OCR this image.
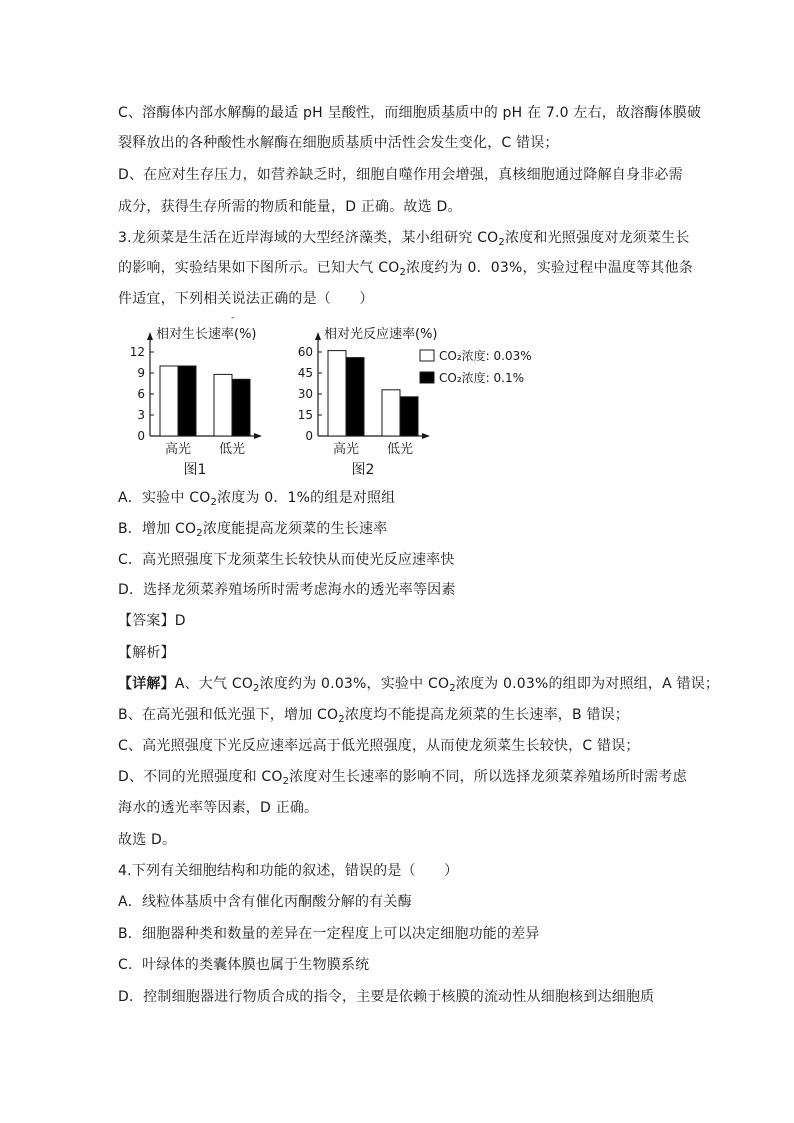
C、溶酶体内部水解酶的最适 pH 呈酸性，而细胞质基质中的 pH 在 7.0 左右，故溶酶体膜破
裂释放出的各种酸性水解酶在细胞质基质中活性会发生变化，C 错误；
D、在应对生存压力，如营养缺乏时，细胞自噬作用会增强，真核细胞通过降解自身非必需
成分，获得生存所需的物质和能量，D 正确。故选 D。
3.龙须菜是生活在近岸海域的大型经济藻类，某小组研究 $CO_2$浓度和光照强度对龙须菜生长
的影响，实验结果如下图所示。已知大气 $CO_2$浓度约为 0．03%，实验过程中温度等其他条
件适宜，下列相关说法正确的是（　　）
-
相对生长速率(%)
0
3
6
9
12
高光 低光
图1
相对光反应速率(%)
0
15
30
45
60
高光 低光
图2
CO₂浓度: 0.03%
CO₂浓度: 0.1%
A．实验中 $CO_2$浓度为 0．1%的组是对照组
B．增加 $CO_2$浓度能提高龙须菜的生长速率
C．高光照强度下龙须菜生长较快从而使光反应速率快
D．选择龙须菜养殖场所时需考虑海水的透光率等因素
【答案】D
【解析】
【详解】A、大气 $CO_2$浓度约为 0.03%，实验中 $CO_2$浓度为 0.03%的组即为对照组，A 错误；
B、在高光强和低光强下，增加 $CO_2$浓度均不能提高龙须菜的生长速率，B 错误；
C、高光照强度下光反应速率远高于低光照强度，从而使龙须菜生长较快，C 错误；
D、不同的光照强度和 $CO_2$浓度对生长速率的影响不同，所以选择龙须菜养殖场所时需考虑
海水的透光率等因素，D 正确。
故选 D。
4.下列有关细胞结构和功能的叙述，错误的是（　　）
A．线粒体基质中含有催化丙酮酸分解的有关酶
B．细胞器种类和数量的差异在一定程度上可以决定细胞功能的差异
C．叶绿体的类囊体膜也属于生物膜系统
D．控制细胞器进行物质合成的指令，主要是依赖于核膜的流动性从细胞核到达细胞质
